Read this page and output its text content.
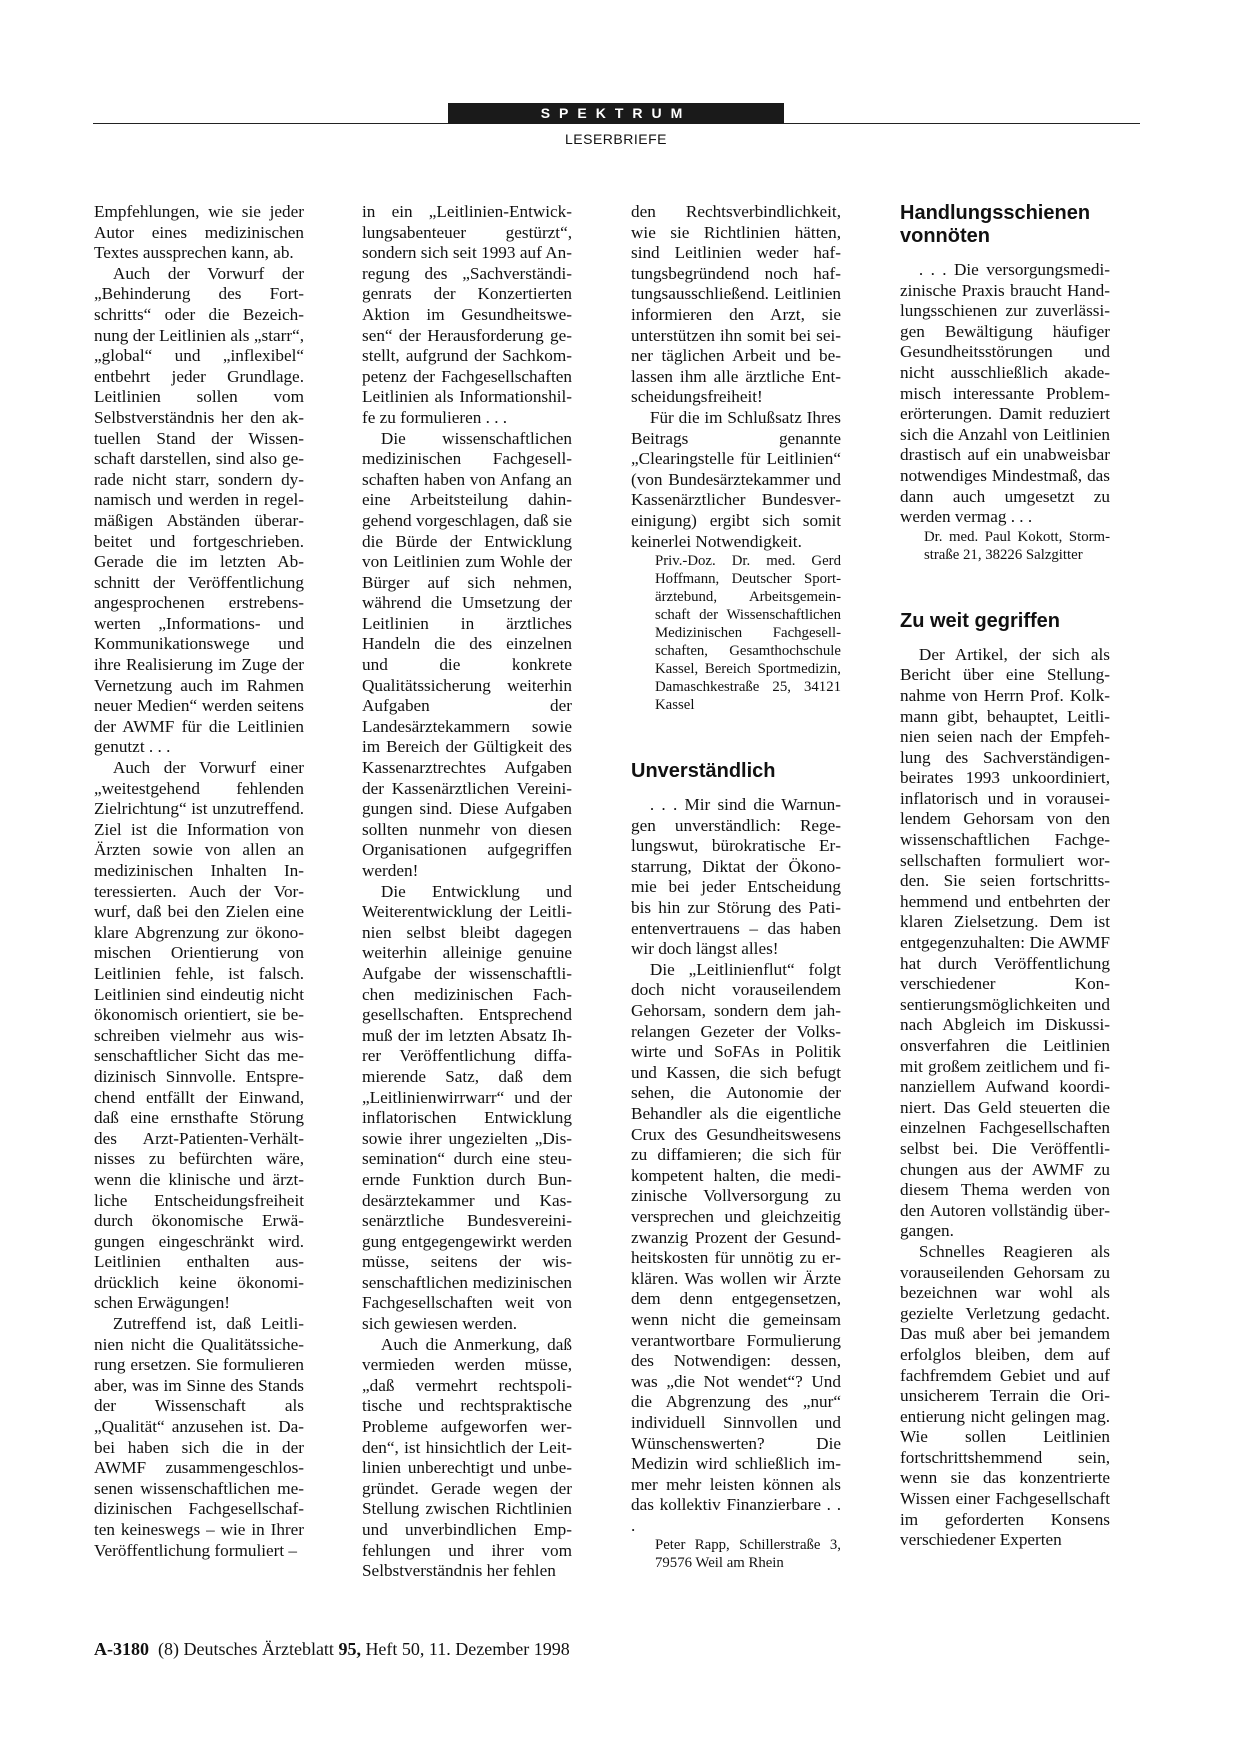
SPEKTRUM
LESERBRIEFE

Empfehlungen, wie sie jeder Autor eines medizinischen Textes aussprechen kann, ab.

Auch der Vorwurf der „Behinderung des Fortschritts“ oder die Bezeichnung der Leitlinien als „starr“, „global“ und „inflexibel“ entbehrt jeder Grundlage. Leitlinien sollen vom Selbstverständnis her den aktuellen Stand der Wissenschaft darstellen, sind also gerade nicht starr, sondern dynamisch und werden in regelmäßigen Abständen überarbeitet und fortgeschrieben. Gerade die im letzten Abschnitt der Veröffentlichung angesprochenen erstrebenswerten „Informations- und Kommunikationswege und ihre Realisierung im Zuge der Vernetzung auch im Rahmen neuer Medien“ werden seitens der AWMF für die Leitlinien genutzt . . .

Auch der Vorwurf einer „weitestgehend fehlenden Zielrichtung“ ist unzutreffend. Ziel ist die Information von Ärzten sowie von allen an medizinischen Inhalten Interessierten. Auch der Vorwurf, daß bei den Zielen eine klare Abgrenzung zur ökonomischen Orientierung von Leitlinien fehle, ist falsch. Leitlinien sind eindeutig nicht ökonomisch orientiert, sie beschreiben vielmehr aus wissenschaftlicher Sicht das medizinisch Sinnvolle. Entsprechend entfällt der Einwand, daß eine ernsthafte Störung des Arzt-Patienten-Verhältnisses zu befürchten wäre, wenn die klinische und ärztliche Entscheidungsfreiheit durch ökonomische Erwägungen eingeschränkt wird. Leitlinien enthalten ausdrücklich keine ökonomischen Erwägungen!

Zutreffend ist, daß Leitlinien nicht die Qualitätssicherung ersetzen. Sie formulieren aber, was im Sinne des Stands der Wissenschaft als „Qualität“ anzusehen ist. Dabei haben sich die in der AWMF zusammengeschlossenen wissenschaftlichen medizinischen Fachgesellschaften keineswegs – wie in Ihrer Veröffentlichung formuliert –

in ein „Leitlinien-Entwicklungsabenteuer gestürzt“, sondern sich seit 1993 auf Anregung des „Sachverständigenrats der Konzertierten Aktion im Gesundheitswesen“ der Herausforderung gestellt, aufgrund der Sachkompetenz der Fachgesellschaften Leitlinien als Informationshilfe zu formulieren . . .

Die wissenschaftlichen medizinischen Fachgesellschaften haben von Anfang an eine Arbeitsteilung dahingehend vorgeschlagen, daß sie die Bürde der Entwicklung von Leitlinien zum Wohle der Bürger auf sich nehmen, während die Umsetzung der Leitlinien in ärztliches Handeln die des einzelnen und die konkrete Qualitätssicherung weiterhin Aufgaben der Landesärztekammern sowie im Bereich der Gültigkeit des Kassenarztrechtes Aufgaben der Kassenärztlichen Vereinigungen sind. Diese Aufgaben sollten nunmehr von diesen Organisationen aufgegriffen werden!

Die Entwicklung und Weiterentwicklung der Leitlinien selbst bleibt dagegen weiterhin alleinige genuine Aufgabe der wissenschaftlichen medizinischen Fachgesellschaften. Entsprechend muß der im letzten Absatz Ihrer Veröffentlichung diffamierende Satz, daß dem „Leitlinienwirrwarr“ und der inflatorischen Entwicklung sowie ihrer ungezielten „Dissemination“ durch eine steuernde Funktion durch Bundesärztekammer und Kassenärztliche Bundesvereinigung entgegengewirkt werden müsse, seitens der wissenschaftlichen medizinischen Fachgesellschaften weit von sich gewiesen werden.

Auch die Anmerkung, daß vermieden werden müsse, „daß vermehrt rechtspolitische und rechtspraktische Probleme aufgeworfen werden“, ist hinsichtlich der Leitlinien unberechtigt und unbegründet. Gerade wegen der Stellung zwischen Richtlinien und unverbindlichen Empfehlungen und ihrer vom Selbstverständnis her fehlen

den Rechtsverbindlichkeit, wie sie Richtlinien hätten, sind Leitlinien weder haftungsbegründend noch haftungsausschließend. Leitlinien informieren den Arzt, sie unterstützen ihn somit bei seiner täglichen Arbeit und belassen ihm alle ärztliche Entscheidungsfreiheit!

Für die im Schlußsatz Ihres Beitrags genannte „Clearingstelle für Leitlinien“ (von Bundesärztekammer und Kassenärztlicher Bundesvereinigung) ergibt sich somit keinerlei Notwendigkeit.

Priv.-Doz. Dr. med. Gerd Hoffmann, Deutscher Sportärztebund, Arbeitsgemeinschaft der Wissenschaftlichen Medizinischen Fachgesellschaften, Gesamthochschule Kassel, Bereich Sportmedizin, Damaschkestraße 25, 34121 Kassel

Unverständlich

. . . Mir sind die Warnungen unverständlich: Regelungswut, bürokratische Erstarrung, Diktat der Ökonomie bei jeder Entscheidung bis hin zur Störung des Patientenvertrauens – das haben wir doch längst alles!

Die „Leitlinienflut“ folgt doch nicht vorauseilendem Gehorsam, sondern dem jahrelangen Gezeter der Volkswirte und SoFAs in Politik und Kassen, die sich befugt sehen, die Autonomie der Behandler als die eigentliche Crux des Gesundheitswesens zu diffamieren; die sich für kompetent halten, die medizinische Vollversorgung zu versprechen und gleichzeitig zwanzig Prozent der Gesundheitskosten für unnötig zu erklären. Was wollen wir Ärzte dem denn entgegensetzen, wenn nicht die gemeinsam verantwortbare Formulierung des Notwendigen: dessen, was „die Not wendet“? Und die Abgrenzung des „nur“ individuell Sinnvollen und Wünschenswerten? Die Medizin wird schließlich immer mehr leisten können als das kollektiv Finanzierbare . . .

Peter Rapp, Schillerstraße 3, 79576 Weil am Rhein

Handlungsschienen vonnöten

. . . Die versorgungsmedizinische Praxis braucht Handlungsschienen zur zuverlässigen Bewältigung häufiger Gesundheitsstörungen und nicht ausschließlich akademisch interessante Problemerörterungen. Damit reduziert sich die Anzahl von Leitlinien drastisch auf ein unabweisbar notwendiges Mindestmaß, das dann auch umgesetzt zu werden vermag . . .

Dr. med. Paul Kokott, Stormstraße 21, 38226 Salzgitter

Zu weit gegriffen

Der Artikel, der sich als Bericht über eine Stellungnahme von Herrn Prof. Kolkmann gibt, behauptet, Leitlinien seien nach der Empfehlung des Sachverständigenbeirates 1993 unkoordiniert, inflatorisch und in vorauseilendem Gehorsam von den wissenschaftlichen Fachgesellschaften formuliert worden. Sie seien fortschrittshemmend und entbehrten der klaren Zielsetzung. Dem ist entgegenzuhalten: Die AWMF hat durch Veröffentlichung verschiedener Konsentierungsmöglichkeiten und nach Abgleich im Diskussionsverfahren die Leitlinien mit großem zeitlichem und finanziellem Aufwand koordiniert. Das Geld steuerten die einzelnen Fachgesellschaften selbst bei. Die Veröffentlichungen aus der AWMF zu diesem Thema werden von den Autoren vollständig übergangen.

Schnelles Reagieren als vorauseilenden Gehorsam zu bezeichnen war wohl als gezielte Verletzung gedacht. Das muß aber bei jemandem erfolglos bleiben, dem auf fachfremdem Gebiet und auf unsicherem Terrain die Orientierung nicht gelingen mag. Wie sollen Leitlinien fortschrittshemmend sein, wenn sie das konzentrierte Wissen einer Fachgesellschaft im geforderten Konsens verschiedener Experten

A-3180 (8) Deutsches Ärzteblatt 95, Heft 50, 11. Dezember 1998
